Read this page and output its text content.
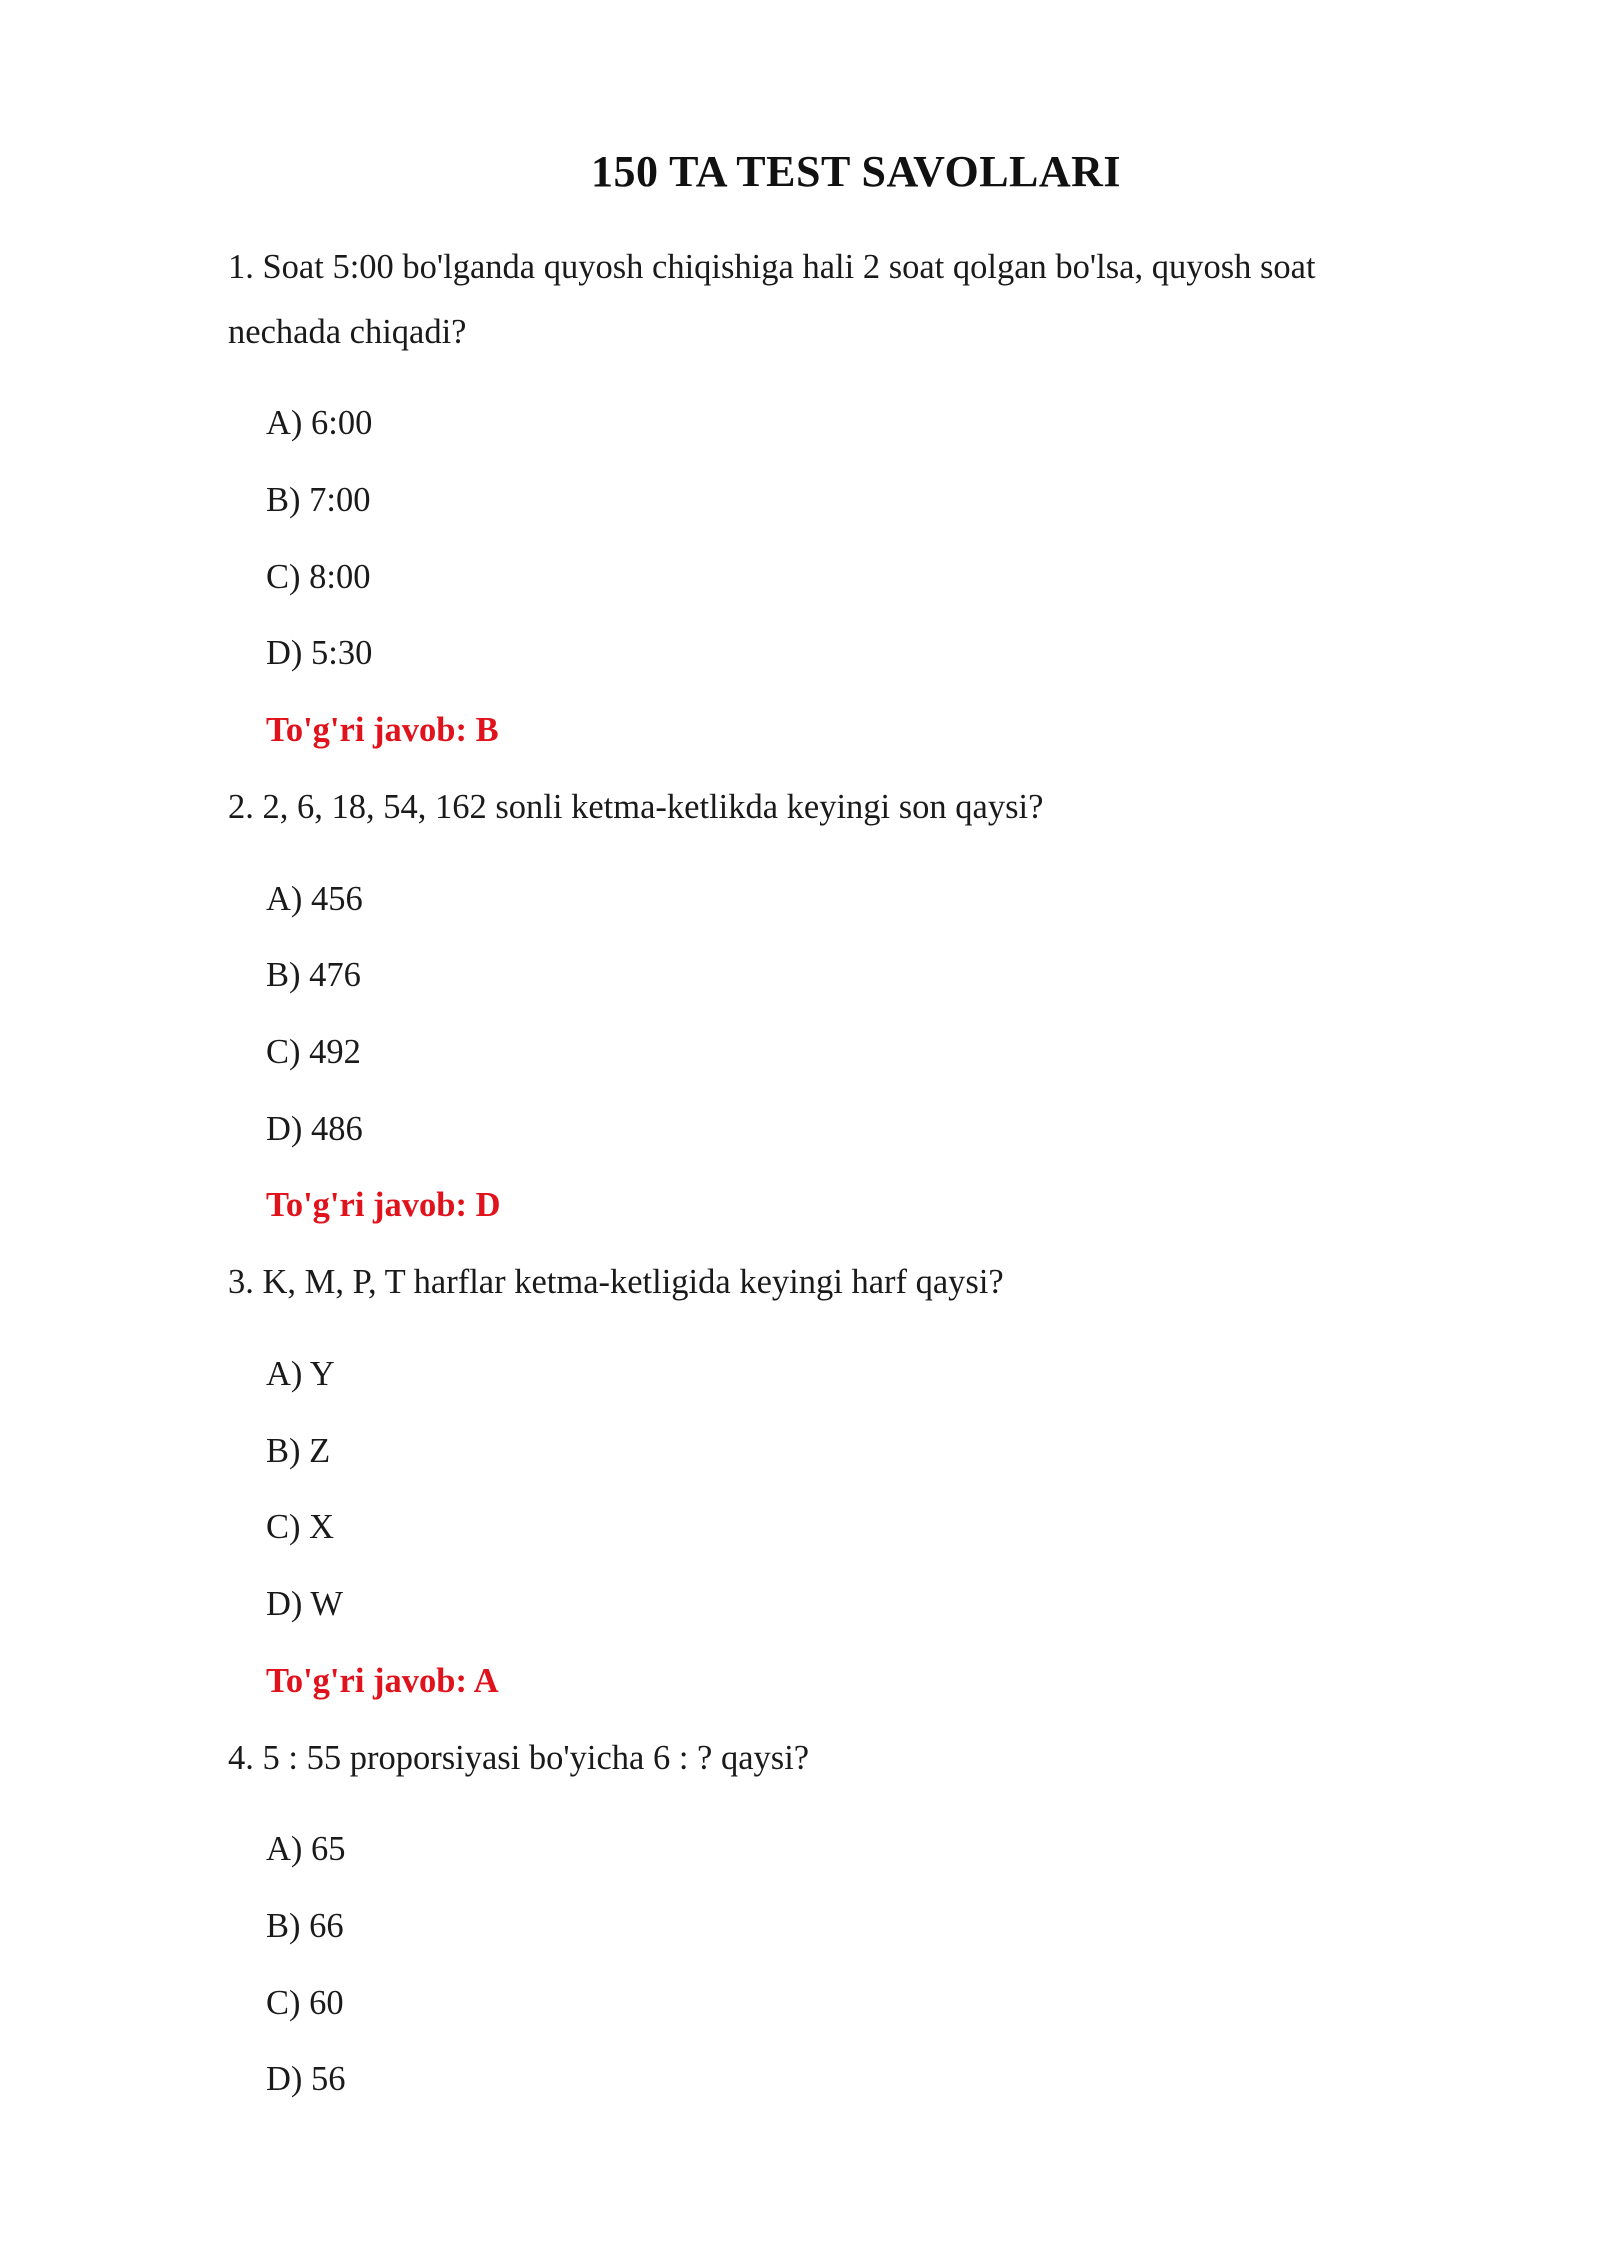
150 TA TEST SAVOLLARI
1. Soat 5:00 bo'lganda quyosh chiqishiga hali 2 soat qolgan bo'lsa, quyosh soat nechada chiqadi?
A) 6:00
B) 7:00
C) 8:00
D) 5:30
To'g'ri javob: B
2. 2, 6, 18, 54, 162 sonli ketma-ketlikda keyingi son qaysi?
A) 456
B) 476
C) 492
D) 486
To'g'ri javob: D
3. K, M, P, T harflar ketma-ketligida keyingi harf qaysi?
A) Y
B) Z
C) X
D) W
To'g'ri javob: A
4. 5 : 55 proporsiyasi bo'yicha 6 : ? qaysi?
A) 65
B) 66
C) 60
D) 56
